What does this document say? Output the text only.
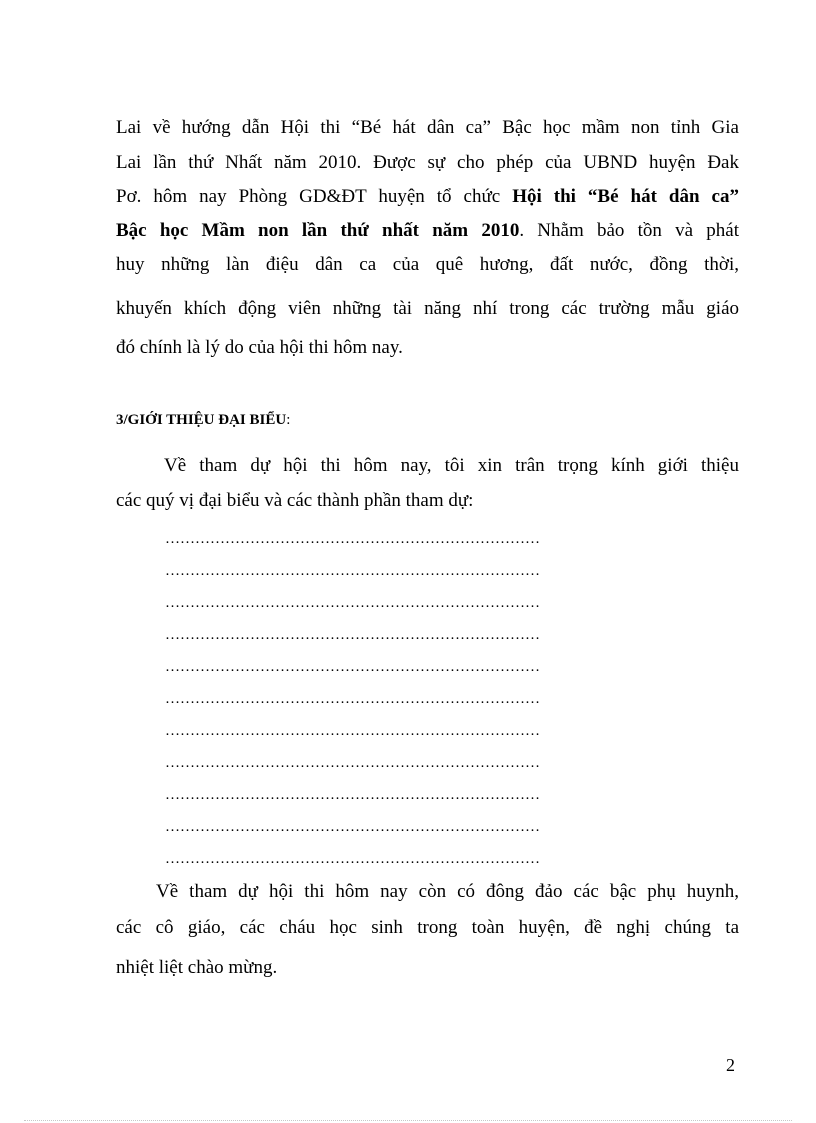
Lai về hướng dẫn Hội thi “Bé hát dân ca” Bậc học mầm non tỉnh Gia
Lai lần thứ Nhất năm 2010. Được sự cho phép của UBND huyện Đak
Pơ. hôm nay Phòng GD&ĐT huyện tổ chức Hội thi “Bé hát dân ca”
Bậc học Mầm non lần thứ nhất năm 2010. Nhằm bảo tồn và phát
huy những làn điệu dân ca của quê hương, đất nước, đồng thời,
khuyến khích động viên những tài năng nhí trong các trường mẫu giáo
đó chính là lý do của hội thi hôm nay.
3/GIỚI THIỆU ĐẠI BIỂU:
Về tham dự hội thi hôm nay, tôi xin trân trọng kính giới thiệu
các quý vị đại biểu và các thành phần tham dự:
…………………………………………………………………
…………………………………………………………………
…………………………………………………………………
…………………………………………………………………
…………………………………………………………………
…………………………………………………………………
…………………………………………………………………
…………………………………………………………………
…………………………………………………………………
…………………………………………………………………
…………………………………………………………………
Về tham dự hội thi hôm nay còn có đông đảo các bậc phụ huynh,
các cô giáo, các cháu học sinh trong toàn huyện, đề nghị chúng ta
nhiệt liệt chào mừng.
2
